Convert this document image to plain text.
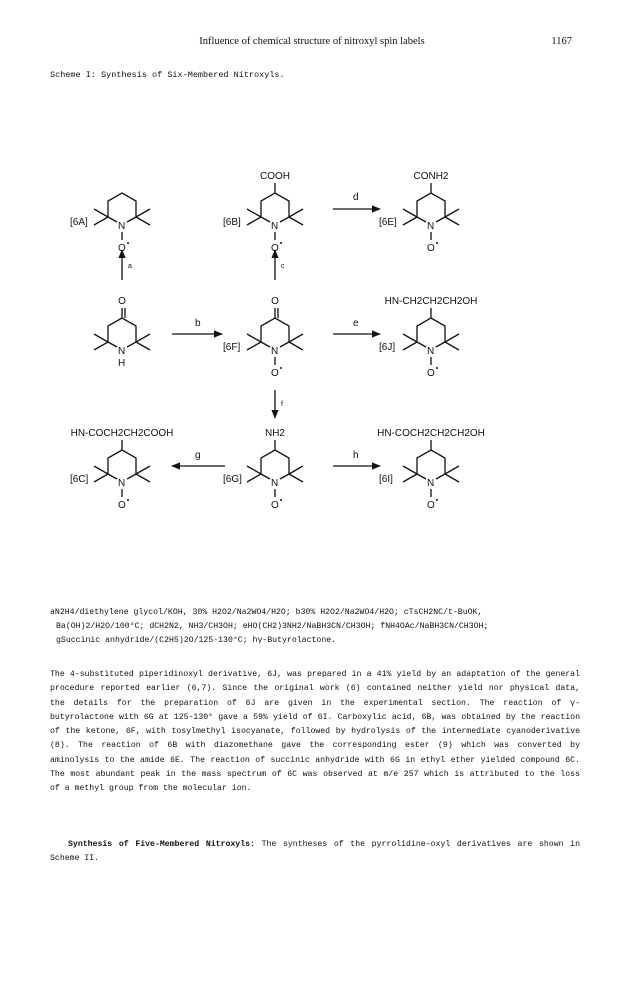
Influence of chemical structure of nitroxyl spin labels	1167
Scheme I: Synthesis of Six-Membered Nitroxyls.
N
O
[6A]	N
O
COOH
[6B]	N
O
CONH2
[6E]
N
H
O
N
O
O
[6F]	N
O
HN-CH2CH2CH2OH
[6J]
N
O
HN-COCH2CH2COOH
[6C]	N
O
NH2
[6G]	N
O
HN-COCH2CH2CH2OH
[6I]
a
b
c
d
e
f
g	h
aN2H4/diethylene glycol/KOH, 30% H2O2/Na2WO4/H2O; b30% H2O2/Na2WO4/H2O; cTsCH2NC/t-BuOK,
Ba(OH)2/H2O/100°C; dCH2N2, NH3/CH3OH; eHO(CH2)3NH2/NaBH3CN/CH3OH; fNH4OAc/NaBH3CN/CH3OH;
gSuccinic anhydride/(C2H5)2O/125-130°C; hγ-Butyrolactone.

The 4-substituted piperidinoxyl derivative, 6J, was prepared in a 41% yield by an adaptation of the general procedure reported earlier (6,7). Since the original work (6) contained neither yield nor physical data, the details for the preparation of 6J are given in the experimental section. The reaction of γ-butyrolactone with 6G at 125-130° gave a 59% yield of 6I. Carboxylic acid, 6B, was obtained by the reaction of the ketone, 6F, with tosylmethyl isocyanate, followed by hydrolysis of the intermediate cyanoderivative (8). The reaction of 6B with diazomethane gave the corresponding ester (9) which was converted by aminolysis to the amide 6E. The reaction of succinic anhydride with 6G in ethyl ether yielded compound 6C. The most abundant peak in the mass spectrum of 6C was observed at m/e 257 which is attributed to the loss of a methyl group from the molecular ion.

Synthesis of Five-Membered Nitroxyls: The syntheses of the pyrrolidine-oxyl derivatives are shown in Scheme II.
